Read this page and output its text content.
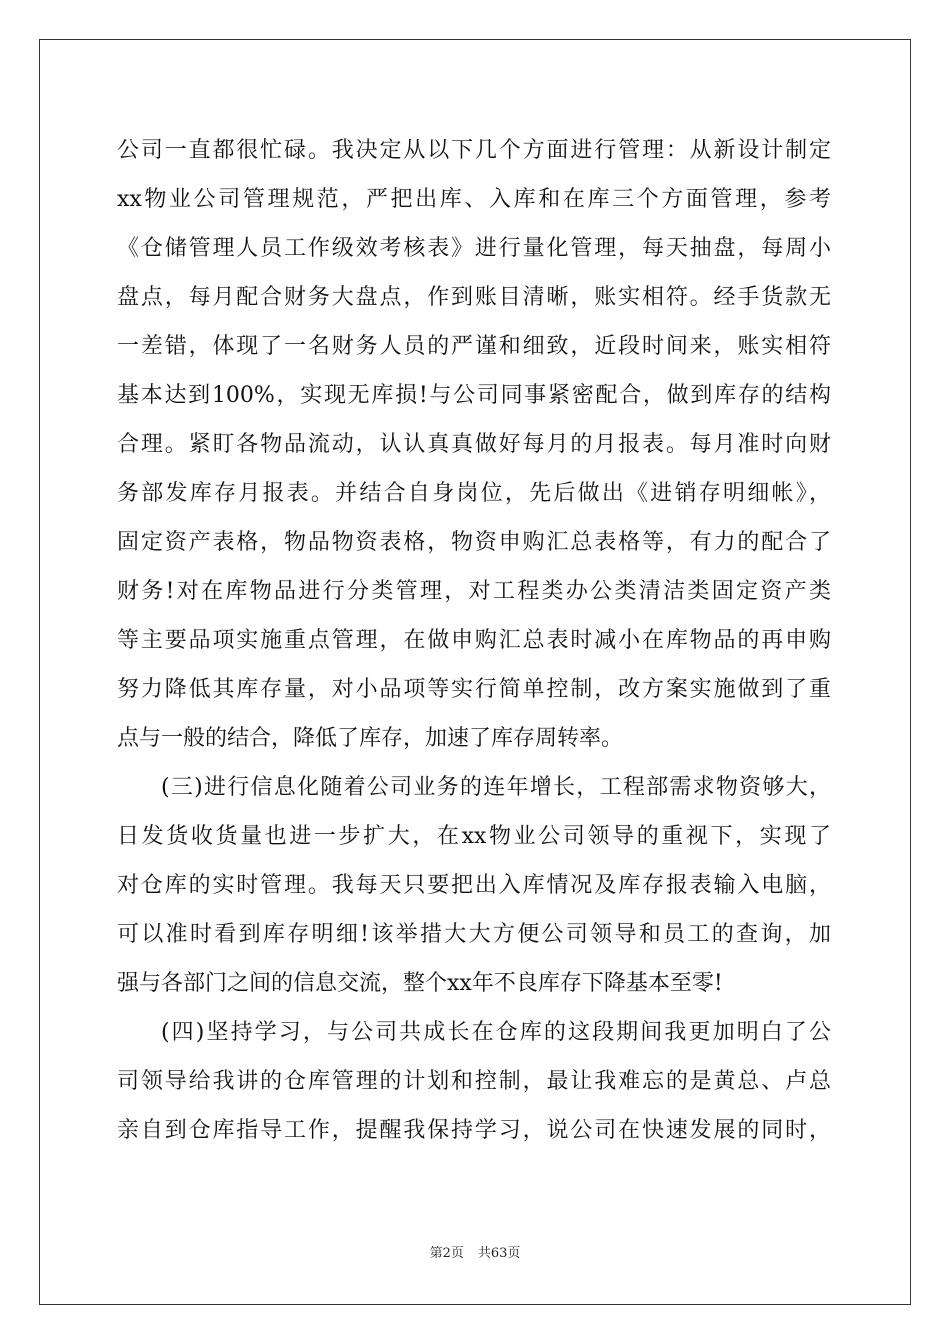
公司一直都很忙碌。我决定从以下几个方面进行管理：从新设计制定
xx物业公司管理规范，严把出库、入库和在库三个方面管理，参考
《仓储管理人员工作级效考核表》进行量化管理，每天抽盘，每周小
盘点，每月配合财务大盘点，作到账目清晰，账实相符。经手货款无
一差错，体现了一名财务人员的严谨和细致，近段时间来，账实相符
基本达到100%，实现无库损!与公司同事紧密配合，做到库存的结构
合理。紧盯各物品流动，认认真真做好每月的月报表。每月准时向财
务部发库存月报表。并结合自身岗位，先后做出《进销存明细帐》，
固定资产表格，物品物资表格，物资申购汇总表格等，有力的配合了
财务!对在库物品进行分类管理，对工程类办公类清洁类固定资产类
等主要品项实施重点管理，在做申购汇总表时减小在库物品的再申购
努力降低其库存量，对小品项等实行简单控制，改方案实施做到了重
点与一般的结合，降低了库存，加速了库存周转率。
(三)进行信息化随着公司业务的连年增长，工程部需求物资够大，
日发货收货量也进一步扩大，在xx物业公司领导的重视下，实现了
对仓库的实时管理。我每天只要把出入库情况及库存报表输入电脑，
可以准时看到库存明细!该举措大大方便公司领导和员工的查询，加
强与各部门之间的信息交流，整个xx年不良库存下降基本至零!
(四)坚持学习，与公司共成长在仓库的这段期间我更加明白了公
司领导给我讲的仓库管理的计划和控制，最让我难忘的是黄总、卢总
亲自到仓库指导工作，提醒我保持学习，说公司在快速发展的同时，
第2页 共63页
